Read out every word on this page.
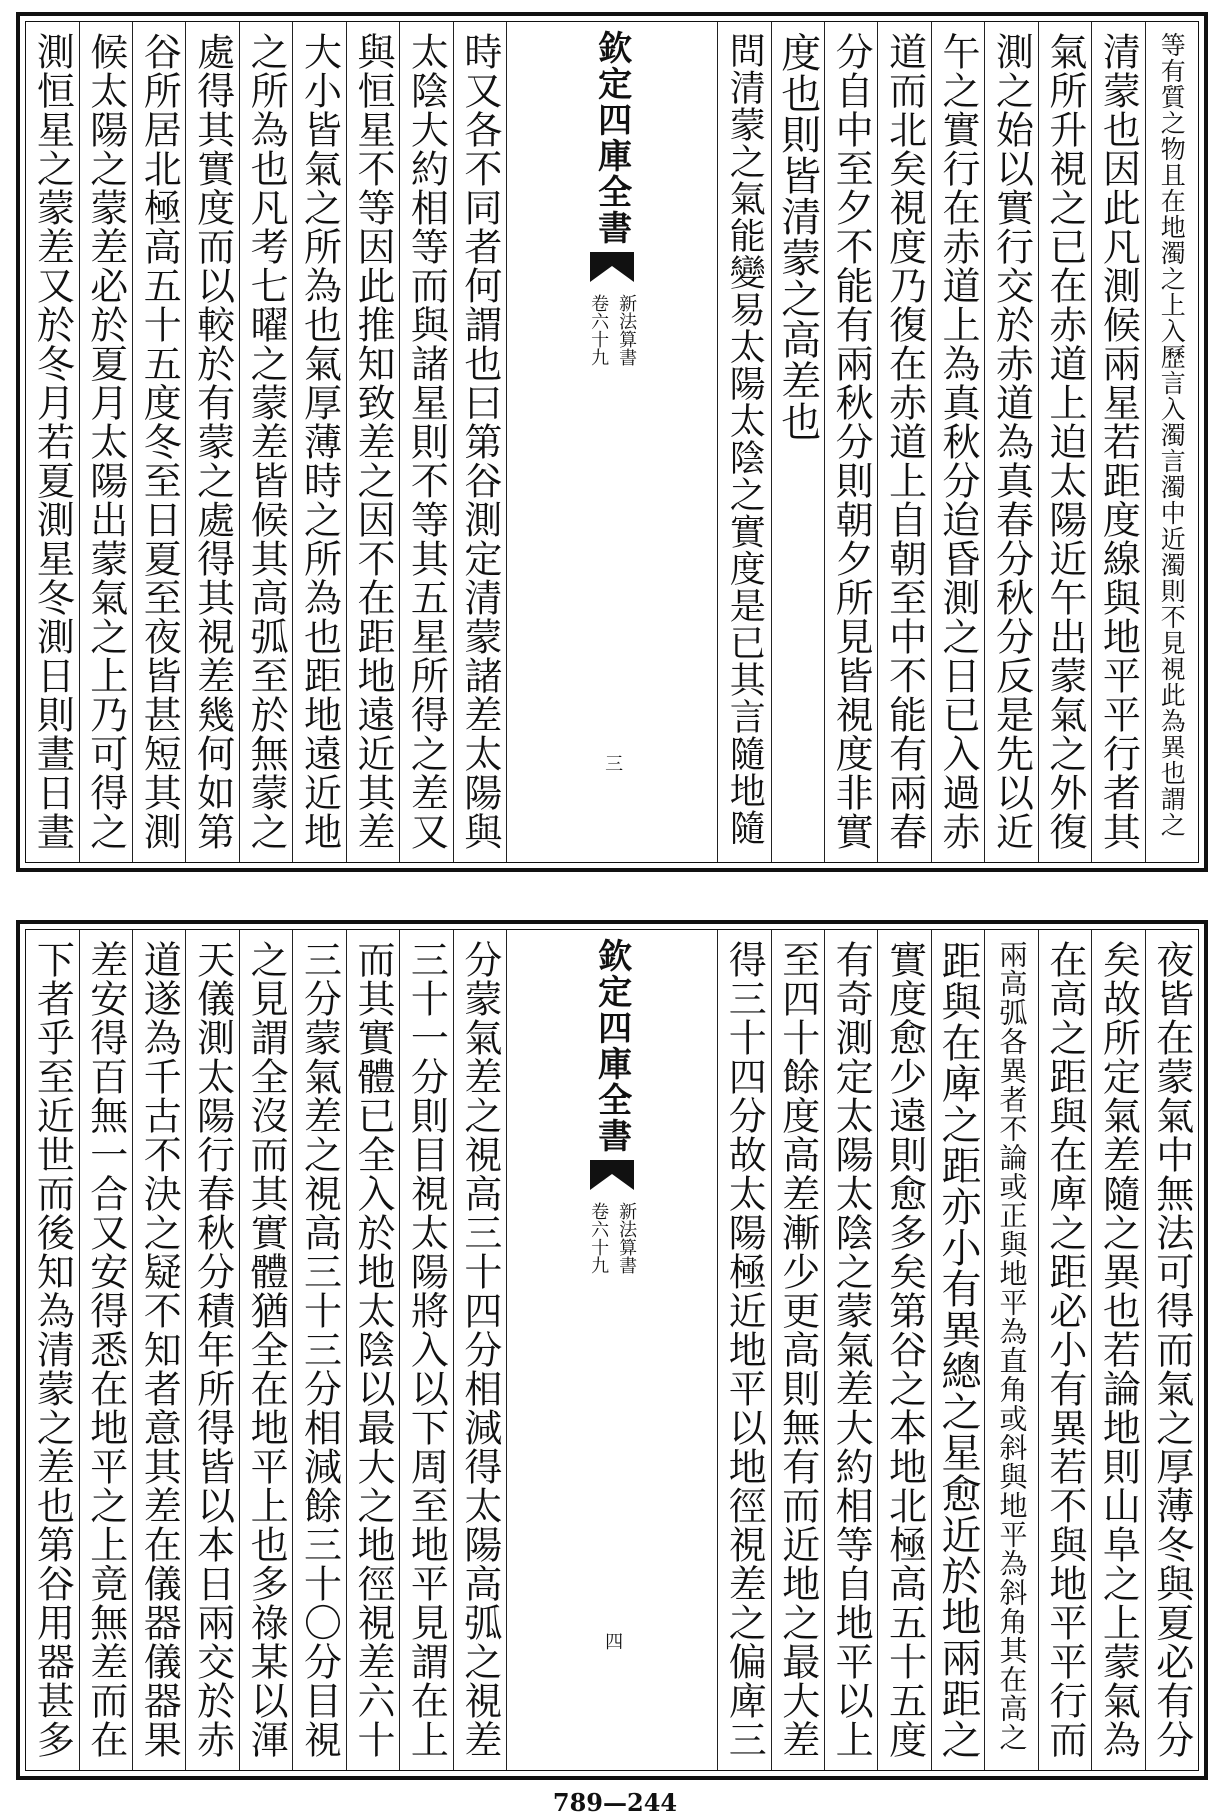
等有質之物且在地濁之上入歷言入濁言濁中近濁則不見視此為異也謂之
清蒙也因此凡測候兩星若距度線與地平平行者其
氣所升視之已在赤道上迫太陽近午出蒙氣之外復
測之始以實行交於赤道為真春分秋分反是先以近
午之實行在赤道上為真秋分迨昏測之日已入過赤
道而北矣視度乃復在赤道上自朝至中不能有兩春
分自中至夕不能有兩秋分則朝夕所見皆視度非實
度也則皆清蒙之高差也
問清蒙之氣能變易太陽太陰之實度是已其言隨地隨
欽定四庫全書
新法算書
卷六十九
三
時又各不同者何謂也曰第谷測定清蒙諸差太陽與
太陰大約相等而與諸星則不等其五星所得之差又
與恒星不等因此推知致差之因不在距地遠近其差
大小皆氣之所為也氣厚薄時之所為也距地遠近地
之所為也凡考七曜之蒙差皆候其高弧至於無蒙之
處得其實度而以較於有蒙之處得其視差幾何如第
谷所居北極高五十五度冬至日夏至夜皆甚短其測
候太陽之蒙差必於夏月太陽出蒙氣之上乃可得之
測恒星之蒙差又於冬月若夏測星冬測日則晝日晝
夜皆在蒙氣中無法可得而氣之厚薄冬與夏必有分
矣故所定氣差隨之異也若論地則山阜之上蒙氣為
在高之距與在庳之距必小有異若不與地平平行而
兩高弧各異者不論或正與地平為直角或斜與地平為斜角其在高之
距與在庳之距亦小有異總之星愈近於地兩距之
實度愈少遠則愈多矣第谷之本地北極高五十五度
有奇測定太陽太陰之蒙氣差大約相等自地平以上
至四十餘度高差漸少更高則無有而近地之最大差
得三十四分故太陽極近地平以地徑視差之偏庳三
欽定四庫全書
新法算書
卷六十九
四
分蒙氣差之視高三十四分相減得太陽高弧之視差
三十一分則目視太陽將入以下周至地平見謂在上
而其實體已全入於地太陰以最大之地徑視差六十
三分蒙氣差之視高三十三分相減餘三十〇分目視
之見謂全沒而其實體猶全在地平上也多祿某以渾
天儀測太陽行春秋分積年所得皆以本日兩交於赤
道遂為千古不決之疑不知者意其差在儀器儀器果
差安得百無一合又安得悉在地平之上竟無差而在
下者乎至近世而後知為清蒙之差也第谷用器甚多
789—244
